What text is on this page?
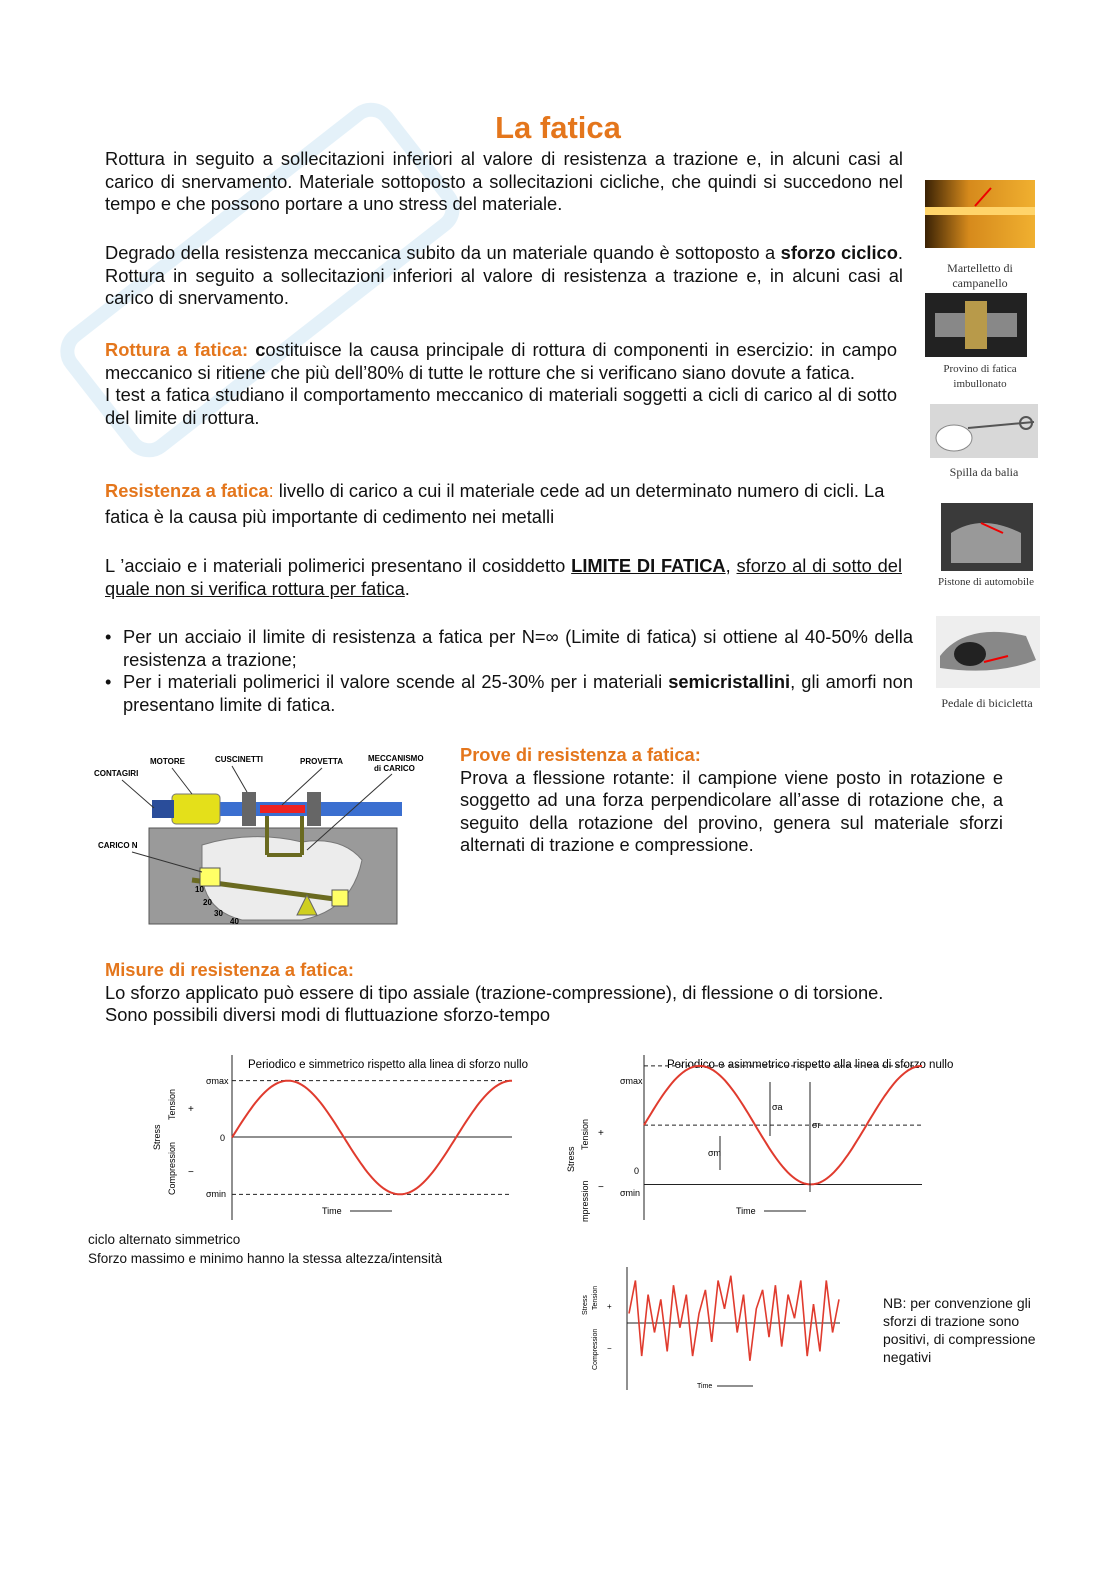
La fatica
Rottura in seguito a sollecitazioni inferiori al valore di resistenza a trazione e, in alcuni casi al carico di snervamento. Materiale sottoposto a sollecitazioni cicliche, che quindi si succedono nel tempo e che possono portare a uno stress del materiale.
Degrado della resistenza meccanica subito da un materiale quando è sottoposto a sforzo ciclico. Rottura in seguito a sollecitazioni inferiori al valore di resistenza a trazione e, in alcuni casi al carico di snervamento.
Rottura a fatica: costituisce la causa principale di rottura di componenti in esercizio: in campo meccanico si ritiene che più dell’80% di tutte le rotture che si verificano siano dovute a fatica.
I test a fatica studiano il comportamento meccanico di materiali soggetti a cicli di carico al di sotto del limite di rottura.
Resistenza a fatica: livello di carico a cui il materiale cede ad un determinato numero di cicli. La fatica è la causa più importante di cedimento nei metalli
L ’acciaio e i materiali polimerici presentano il cosiddetto LIMITE DI FATICA, sforzo al di sotto del quale non si verifica rottura per fatica.
• Per un acciaio il limite di resistenza a fatica per N=∞ (Limite di fatica) si ottiene al 40-50% della resistenza a trazione;
• Per i materiali polimerici il valore scende al 25-30% per i materiali semicristallini, gli amorfi non presentano limite di fatica.
Martelletto di
campanello
Provino di fatica imbullonato
Spilla da balia
Pistone di automobile
Pedale di bicicletta
CONTAGIRI
MOTORE	CUSCINETTI	PROVETTA	MECCANISMO
di CARICO
CARICO N
10
20
30
40
Prove di resistenza a fatica:
Prova a flessione rotante: il campione viene posto in rotazione e soggetto ad una forza perpendicolare all’asse di rotazione che, a seguito della rotazione del provino, genera sul materiale sforzi alternati di trazione e compressione.
Misure di resistenza a fatica:
Lo sforzo applicato può essere di tipo assiale (trazione-compressione), di flessione o di torsione.
Sono possibili diversi modi di fluttuazione sforzo-tempo
Periodico e simmetrico rispetto alla linea di sforzo nullo
σmax
0
σmin
+
−
Tension
Compression
Stress
Time
Periodico e asimmetrico rispetto alla linea di sforzo nullo
σmax
0
σmin
σa
σm
σr
+
−
Tension
mpression
Stress
Time
ciclo alternato simmetrico
Sforzo massimo e minimo hanno la stessa altezza/intensità
Stress Tension
Compression
+
−
Time
NB: per convenzione gli
sforzi di trazione sono
positivi, di compressione
negativi
